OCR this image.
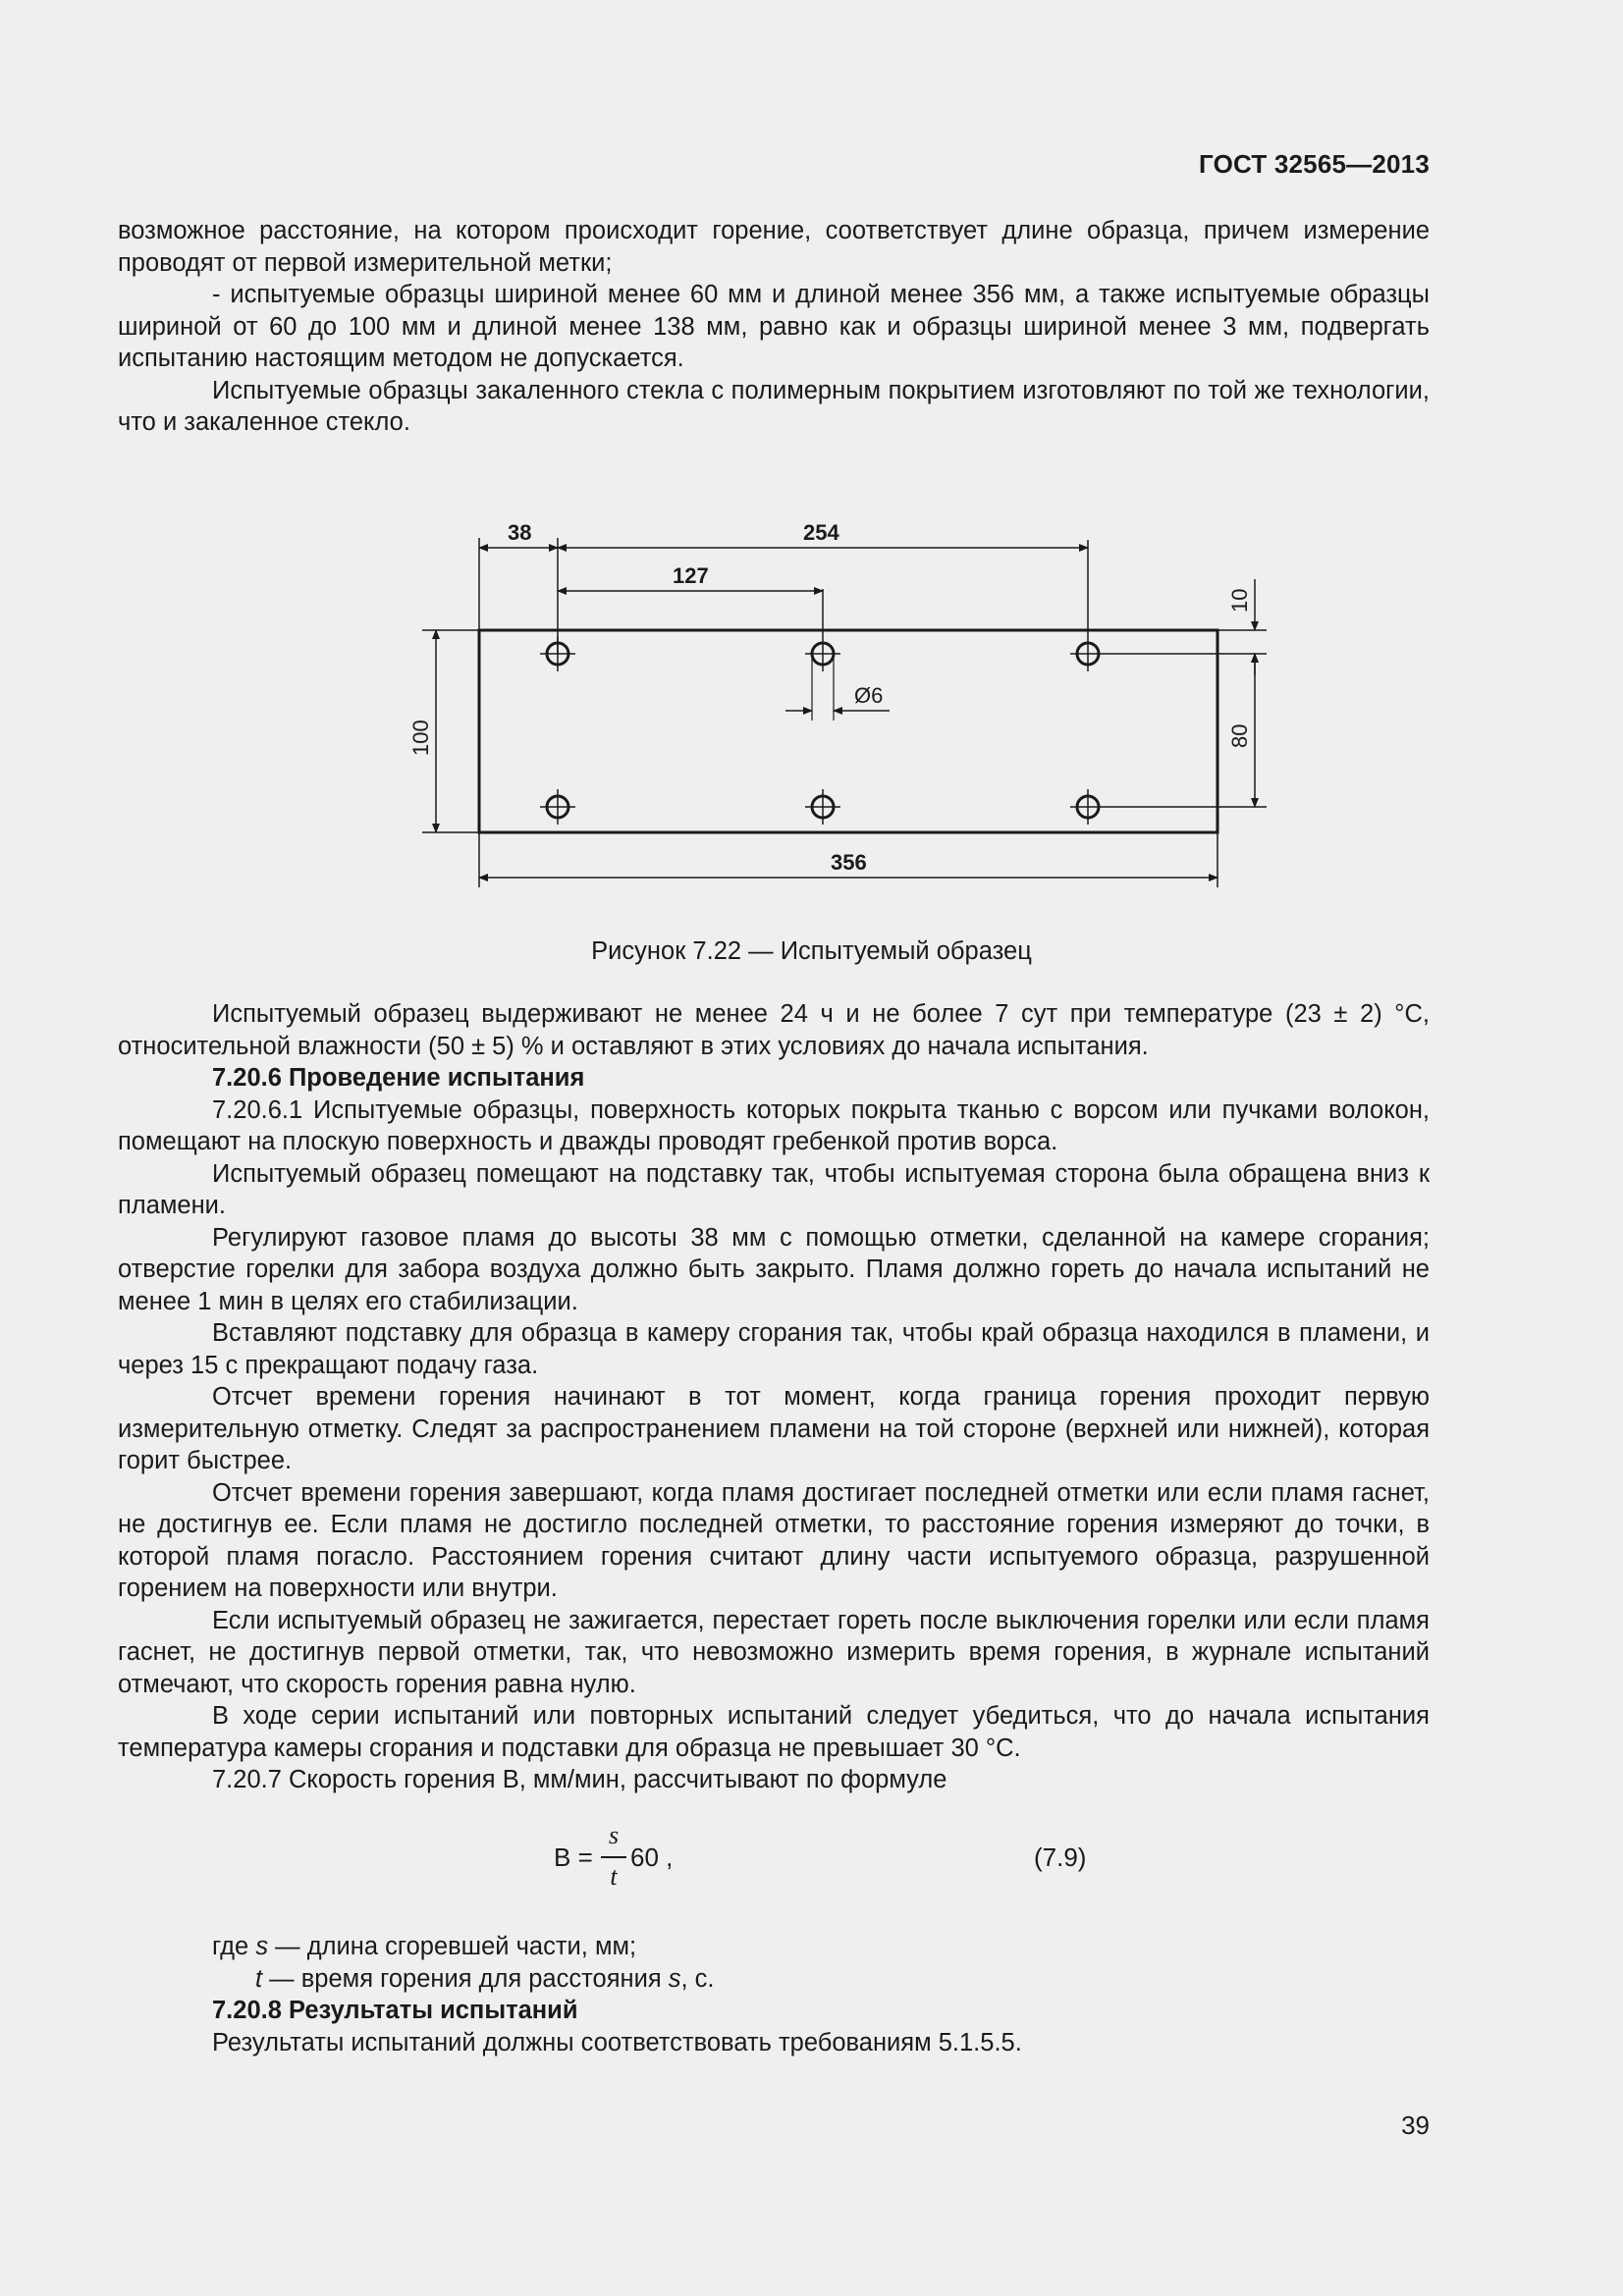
ГОСТ 32565—2013

возможное расстояние, на котором происходит горение, соответствует длине образца, причем измерение проводят от первой измерительной метки;

- испытуемые образцы шириной менее 60 мм и длиной менее 356 мм, а также испытуемые образцы шириной от 60 до 100 мм и длиной менее 138 мм, равно как и образцы шириной менее 3 мм, подвергать испытанию настоящим методом не допускается.

Испытуемые образцы закаленного стекла с полимерным покрытием изготовляют по той же технологии, что и закаленное стекло.

38	254
127
Ø6
356
10
80
100
Рисунок 7.22 — Испытуемый образец

Испытуемый образец выдерживают не менее 24 ч и не более 7 сут при температуре (23 ± 2) °С, относительной влажности (50 ± 5) % и оставляют в этих условиях до начала испытания.

7.20.6 Проведение испытания

7.20.6.1 Испытуемые образцы, поверхность которых покрыта тканью с ворсом или пучками волокон, помещают на плоскую поверхность и дважды проводят гребенкой против ворса.

Испытуемый образец помещают на подставку так, чтобы испытуемая сторона была обращена вниз к пламени.

Регулируют газовое пламя до высоты 38 мм с помощью отметки, сделанной на камере сгорания; отверстие горелки для забора воздуха должно быть закрыто. Пламя должно гореть до начала испытаний не менее 1 мин в целях его стабилизации.

Вставляют подставку для образца в камеру сгорания так, чтобы край образца находился в пламени, и через 15 с прекращают подачу газа.

Отсчет времени горения начинают в тот момент, когда граница горения проходит первую измерительную отметку. Следят за распространением пламени на той стороне (верхней или нижней), которая горит быстрее.

Отсчет времени горения завершают, когда пламя достигает последней отметки или если пламя гаснет, не достигнув ее. Если пламя не достигло последней отметки, то расстояние горения измеряют до точки, в которой пламя погасло. Расстоянием горения считают длину части испытуемого образца, разрушенной горением на поверхности или внутри.

Если испытуемый образец не зажигается, перестает гореть после выключения горелки или если пламя гаснет, не достигнув первой отметки, так, что невозможно измерить время горения, в журнале испытаний отмечают, что скорость горения равна нулю.

В ходе серии испытаний или повторных испытаний следует убедиться, что до начала испытания температура камеры сгорания и подставки для образца не превышает 30 °С.

7.20.7 Скорость горения B, мм/мин, рассчитывают по формуле

B =
s
t
60 ,	(7.9)
где s — длина сгоревшей части, мм;
t — время горения для расстояния s, с.
7.20.8 Результаты испытаний
Результаты испытаний должны соответствовать требованиям 5.1.5.5.
39
